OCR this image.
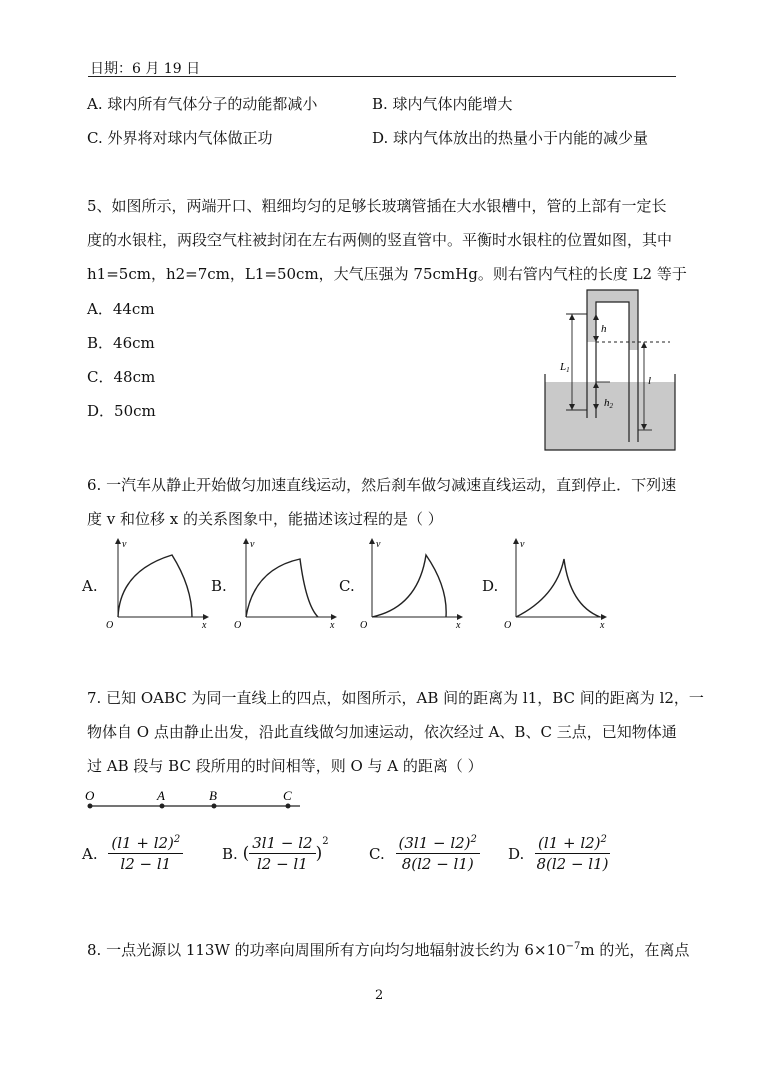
日期：6 月 19 日
A. 球内所有气体分子的动能都减小	B. 球内气体内能增大
C. 外界将对球内气体做正功	D. 球内气体放出的热量小于内能的减少量
5、如图所示，两端开口、粗细均匀的足够长玻璃管插在大水银槽中，管的上部有一定长
度的水银柱，两段空气柱被封闭在左右两侧的竖直管中。平衡时水银柱的位置如图，其中
h1=5cm，h2=7cm，L1=50cm，大气压强为 75cmHg。则右管内气柱的长度 L2 等于
A．44cm
B．46cm
C．48cm
D．50cm
h
L1
h2
l
6. 一汽车从静止开始做匀加速直线运动，然后刹车做匀减速直线运动，直到停止．下列速
度 v 和位移 x 的关系图象中，能描述该过程的是（ ）
A.
v
x
O
B.
v
x
O
C.
v
x
O
D.
v
x
O
7. 已知 OABC 为同一直线上的四点，如图所示，AB 间的距离为 l1，BC 间的距离为 l2，一
物体自 O 点由静止出发，沿此直线做匀加速运动，依次经过 A、B、C 三点，已知物体通
过 AB 段与 BC 段所用的时间相等，则 O 与 A 的距离（ ）
O	A	B	C
A. $\frac{(l1 + l2)^2}{l2 - l1}$	B. ( $\frac{3l1 - l2}{l2 - l1} )^2$
C. $\frac{(3l1 - l2)^2}{8(l2 - l1)} D$. $\frac{(l1 + l2)^2}{8(l2 - l1)}$
8. 一点光源以 113W 的功率向周围所有方向均匀地辐射波长约为 $6\times 10^{-7}m$ 的光，在离点
2
